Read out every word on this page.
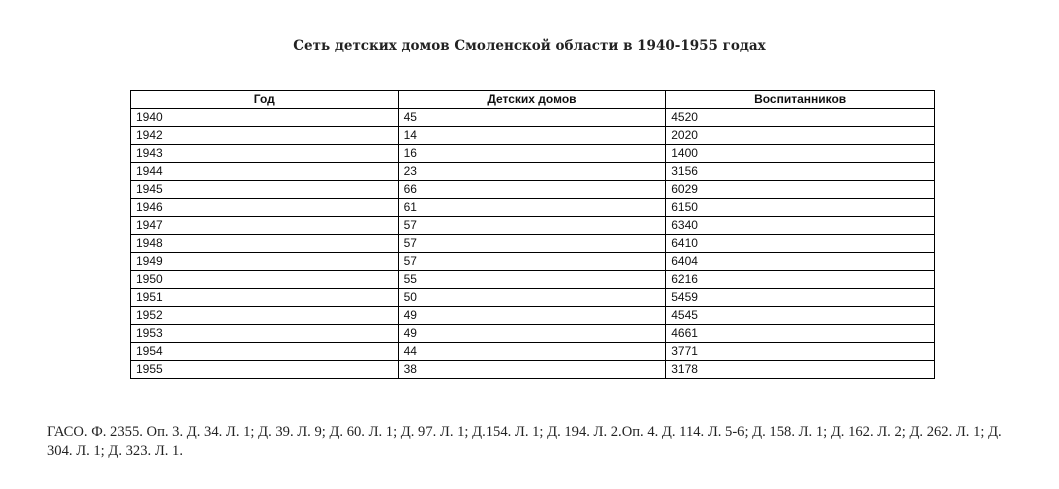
Сеть детских домов Смоленской области в 1940-1955 годах
Год	Детских домов	Воспитанников
1940	45	4520
1942	14	2020
1943	16	1400
1944	23	3156
1945	66	6029
1946	61	6150
1947	57	6340
1948	57	6410
1949	57	6404
1950	55	6216
1951	50	5459
1952	49	4545
1953	49	4661
1954	44	3771
1955	38	3178
ГАСО. Ф. 2355. Оп. 3. Д. 34. Л. 1; Д. 39. Л. 9; Д. 60. Л. 1; Д. 97. Л. 1; Д.154. Л. 1; Д. 194. Л. 2.Оп. 4. Д. 114. Л. 5-6; Д. 158. Л. 1; Д. 162. Л. 2; Д. 262. Л. 1; Д. 304. Л. 1; Д. 323. Л. 1.
